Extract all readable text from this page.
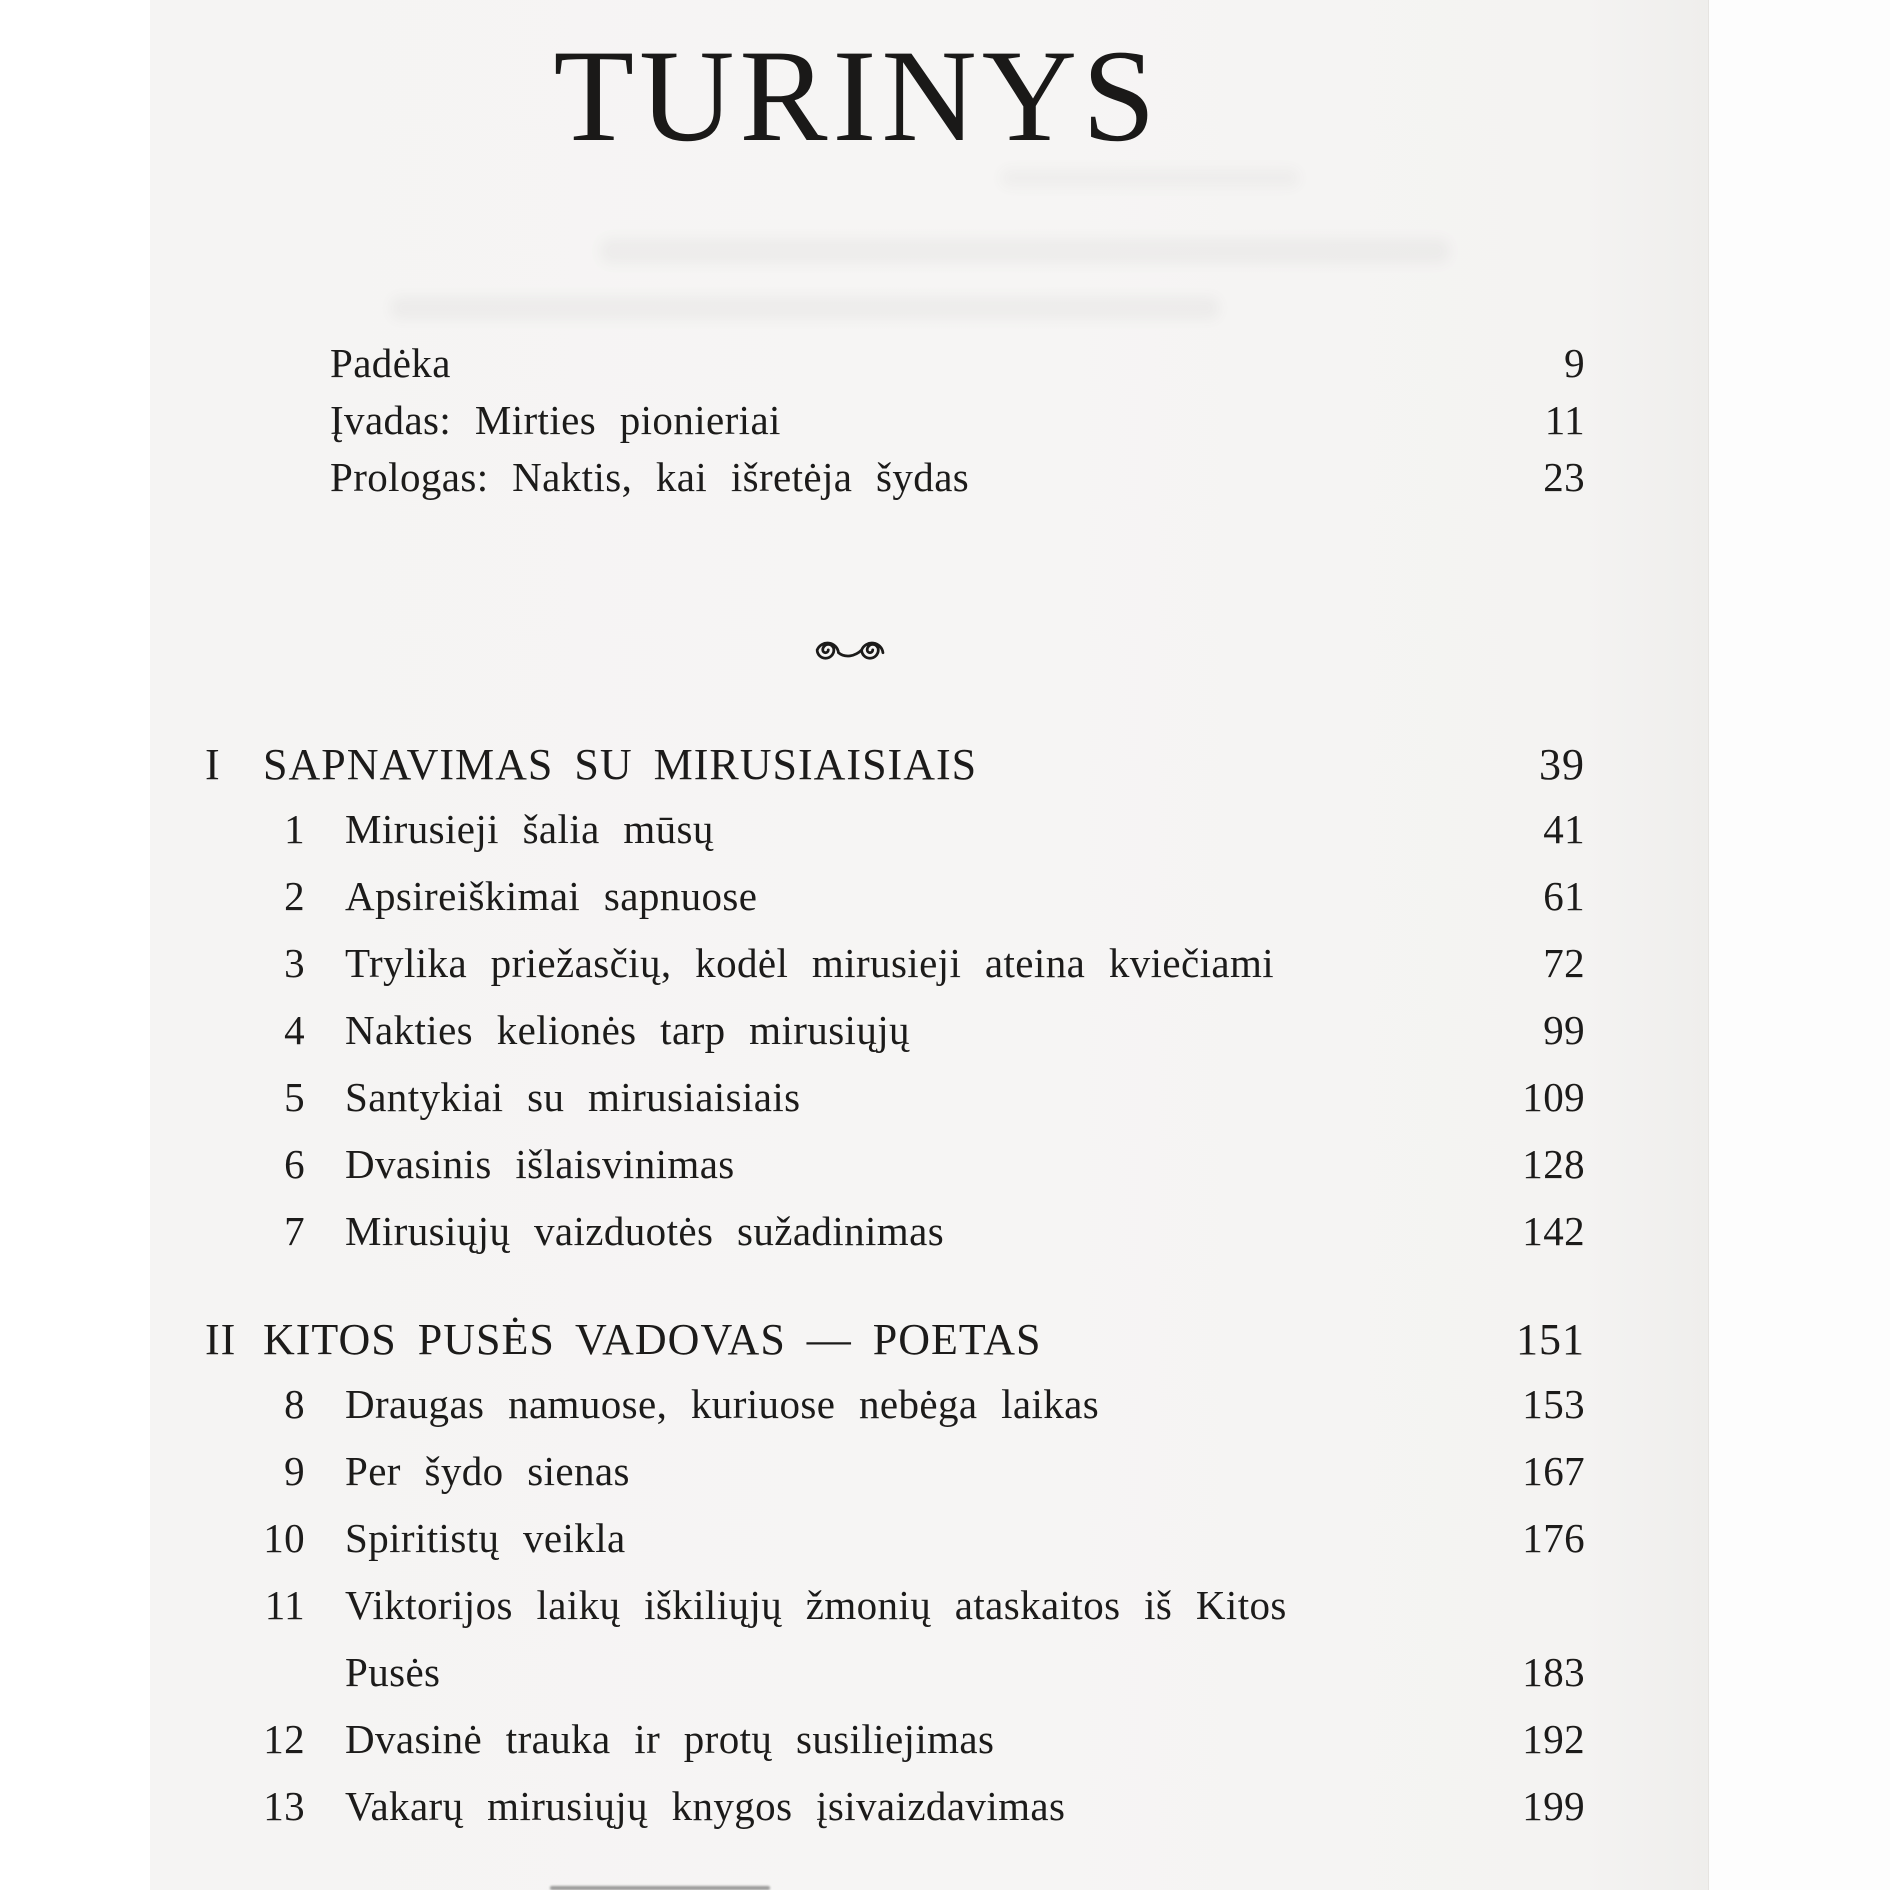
TURINYS
Padėka	9
Įvadas: Mirties pionieriai	11
Prologas: Naktis, kai išretėja šydas	23
I SAPNAVIMAS SU MIRUSIAISIAIS	39
1 Mirusieji šalia mūsų	41
2 Apsireiškimai sapnuose	61
3 Trylika priežasčių, kodėl mirusieji ateina kviečiami	72
4 Nakties kelionės tarp mirusiųjų	99
5 Santykiai su mirusiaisiais	109
6 Dvasinis išlaisvinimas	128
7 Mirusiųjų vaizduotės sužadinimas	142
II KITOS PUSĖS VADOVAS — POETAS	151
8 Draugas namuose, kuriuose nebėga laikas	153
9 Per šydo sienas	167
10 Spiritistų veikla	176
11 Viktorijos laikų iškiliųjų žmonių ataskaitos iš Kitos
Pusės	183
12 Dvasinė trauka ir protų susiliejimas	192
13 Vakarų mirusiųjų knygos įsivaizdavimas	199
